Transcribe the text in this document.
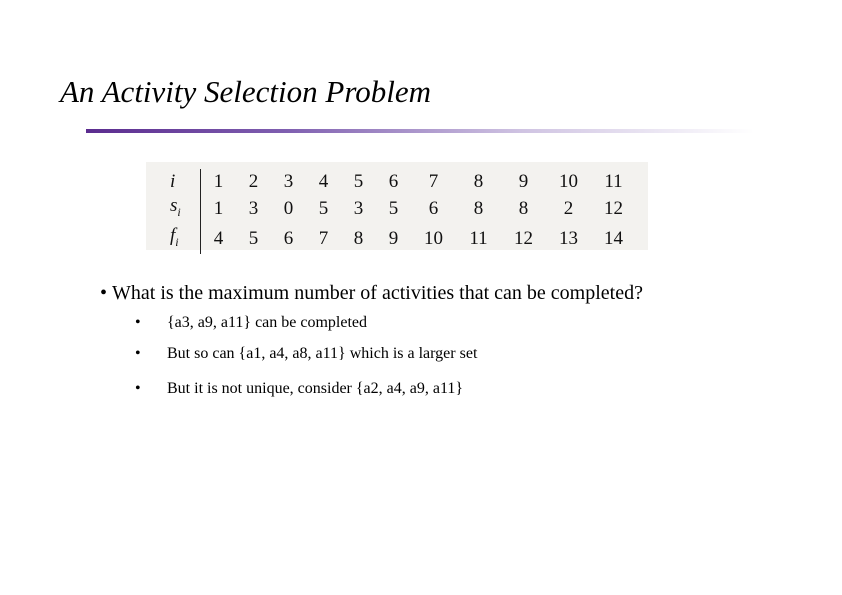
An Activity Selection Problem
i	1	2	3	4	5	6	7	8	9	10	11
$s_i$	1	3	0	5	3	5	6	8	8	2	12
$f_i$	4	5	6	7	8	9	10	11	12	13	14
• What is the maximum number of activities that can be completed?
• {a3, a9, a11} can be completed
• But so can {a1, a4, a8, a11} which is a larger set
• But it is not unique, consider {a2, a4, a9, a11}
